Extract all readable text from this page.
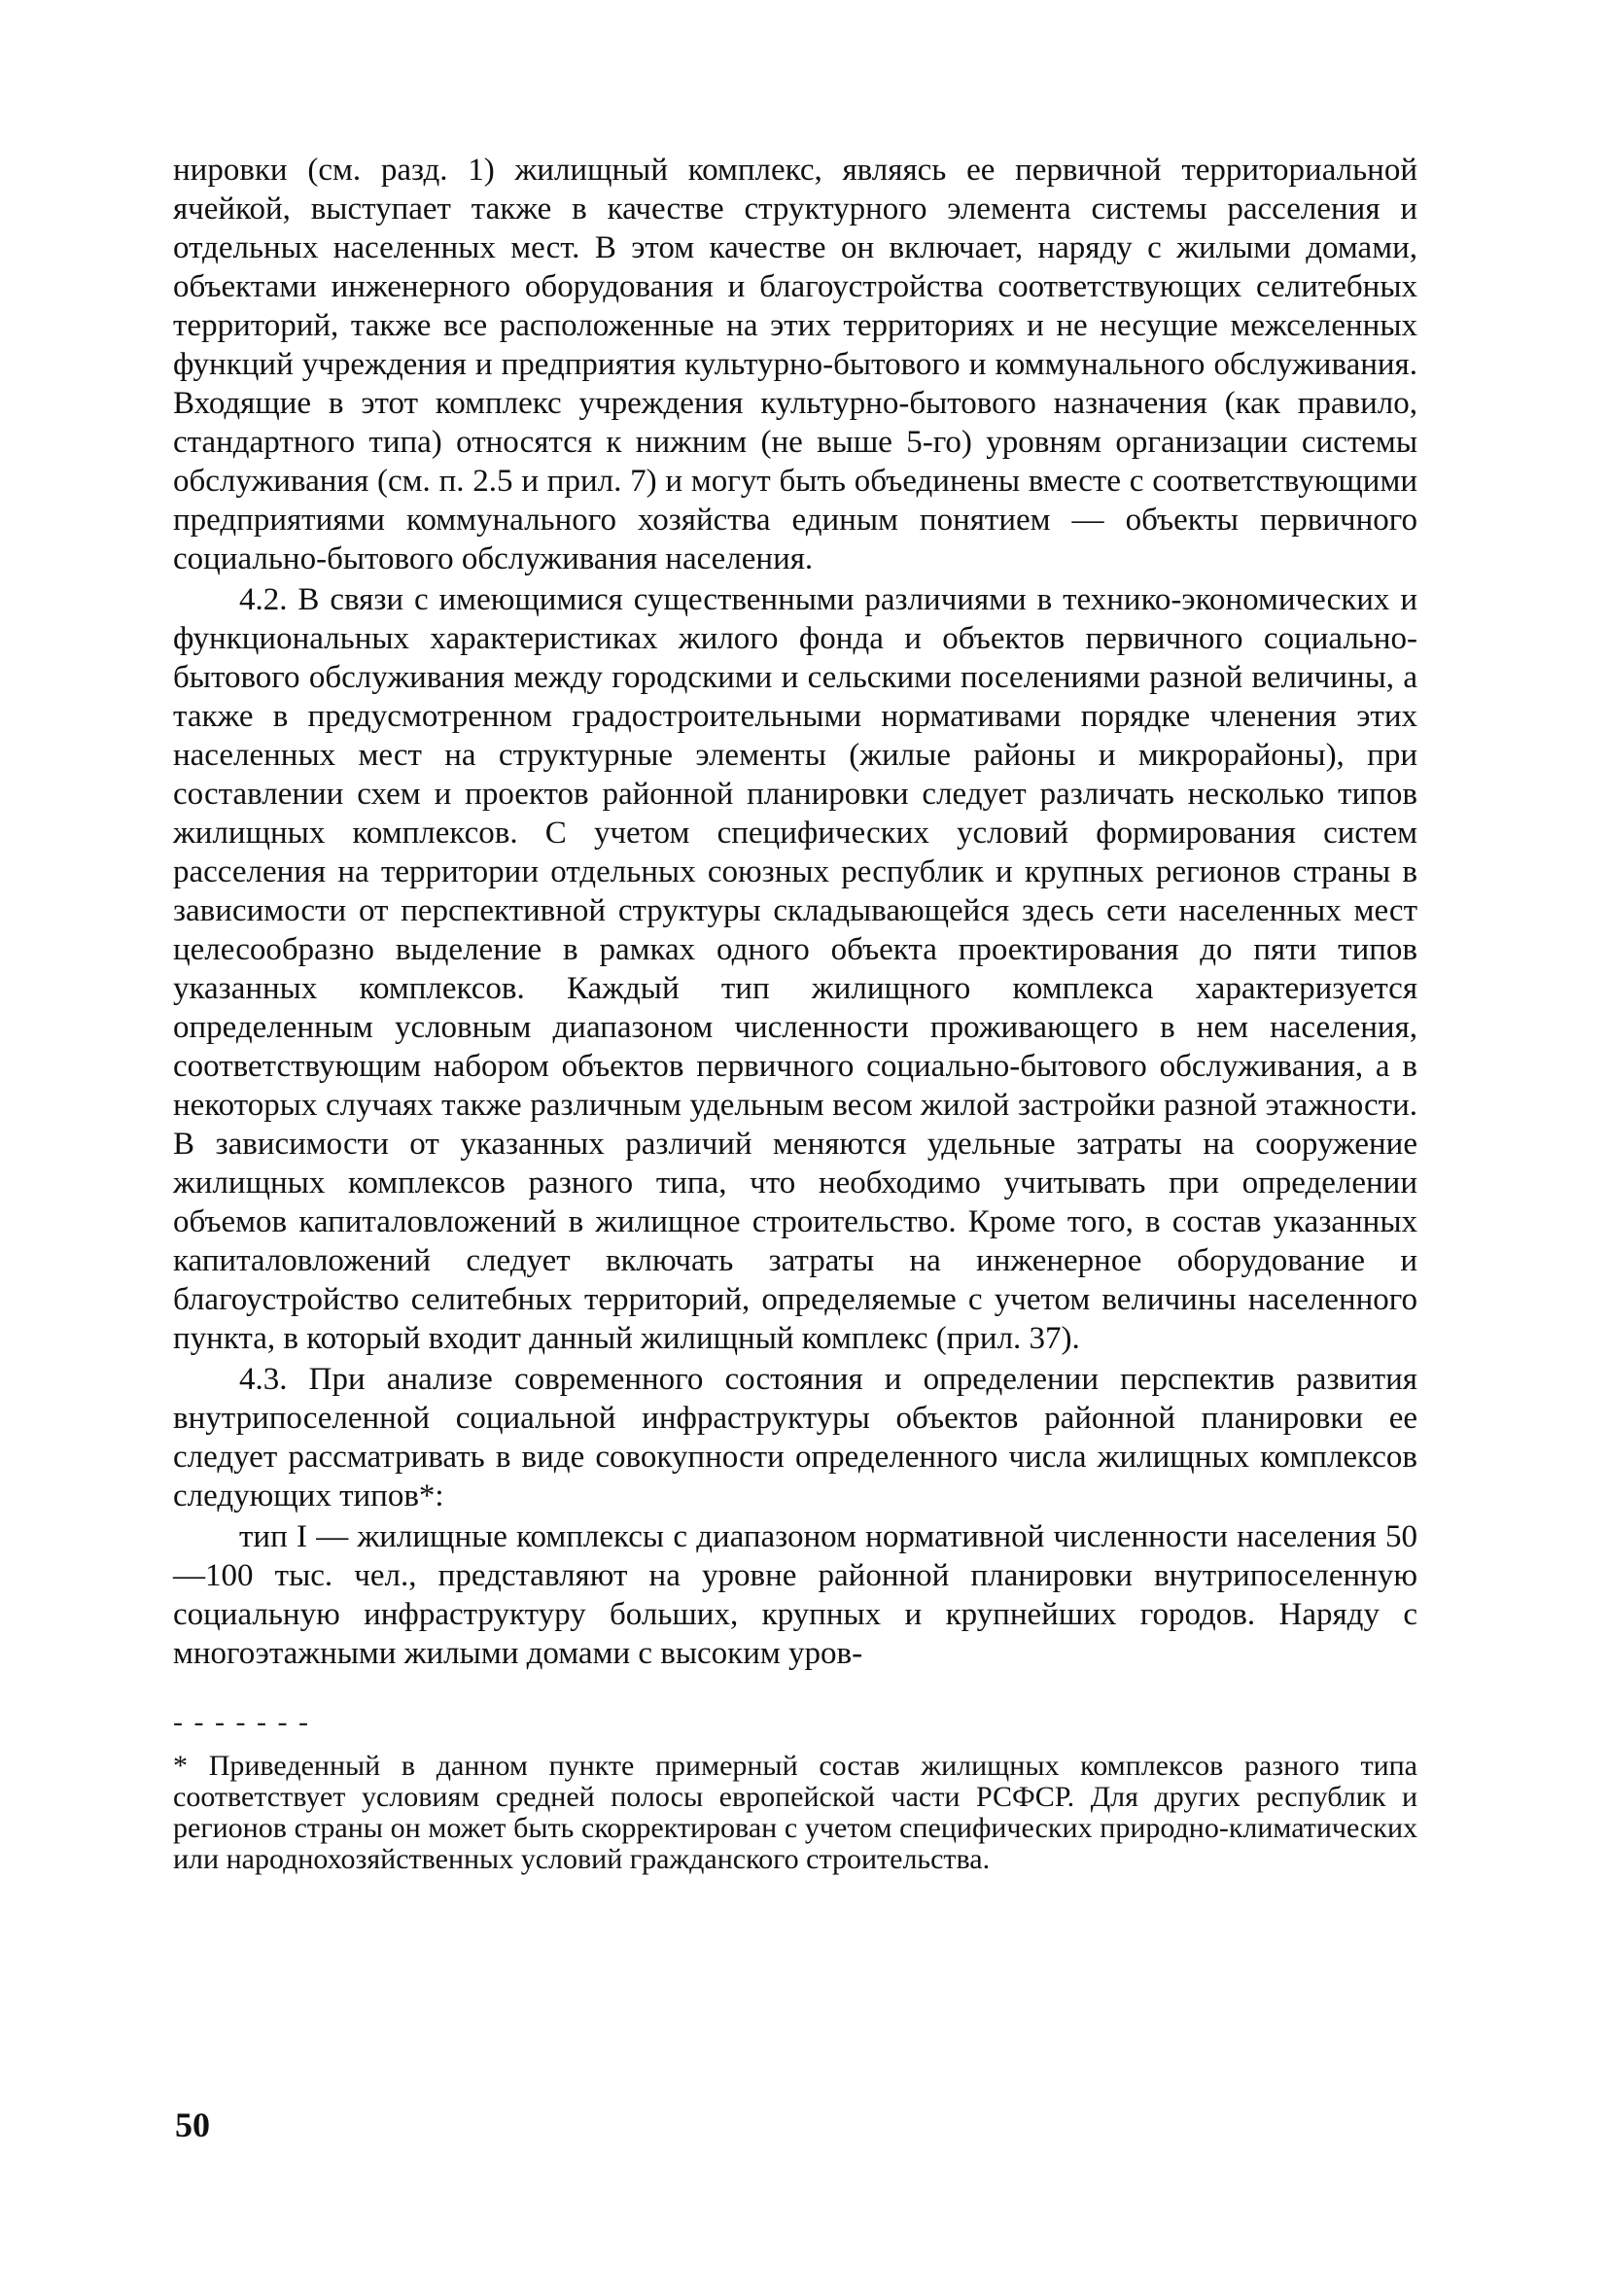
нировки (см. разд. 1) жилищный комплекс, являясь ее первичной территориальной ячейкой, выступает также в качестве структурного элемента системы расселения и отдельных населенных мест. В этом качестве он включает, наряду с жилыми домами, объектами инженерного оборудования и благоустройства соответствующих селитебных территорий, также все расположенные на этих территориях и не несущие межселенных функций учреждения и предприятия культурно-бытового и коммунального обслуживания. Входящие в этот комплекс учреждения культурно-бытового назначения (как правило, стандартного типа) относятся к нижним (не выше 5-го) уровням организации системы обслуживания (см. п. 2.5 и прил. 7) и могут быть объединены вместе с соответствующими предприятиями коммунального хозяйства единым понятием — объекты первичного социально-бытового обслуживания населения.

4.2. В связи с имеющимися существенными различиями в технико-экономических и функциональных характеристиках жилого фонда и объектов первичного социально-бытового обслуживания между городскими и сельскими поселениями разной величины, а также в предусмотренном градостроительными нормативами порядке членения этих населенных мест на структурные элементы (жилые районы и микрорайоны), при составлении схем и проектов районной планировки следует различать несколько типов жилищных комплексов. С учетом специфических условий формирования систем расселения на территории отдельных союзных республик и крупных регионов страны в зависимости от перспективной структуры складывающейся здесь сети населенных мест целесообразно выделение в рамках одного объекта проектирования до пяти типов указанных комплексов. Каждый тип жилищного комплекса характеризуется определенным условным диапазоном численности проживающего в нем населения, соответствующим набором объектов первичного социально-бытового обслуживания, а в некоторых случаях также различным удельным весом жилой застройки разной этажности. В зависимости от указанных различий меняются удельные затраты на сооружение жилищных комплексов разного типа, что необходимо учитывать при определении объемов капиталовложений в жилищное строительство. Кроме того, в состав указанных капиталовложений следует включать затраты на инженерное оборудование и благоустройство селитебных территорий, определяемые с учетом величины населенного пункта, в который входит данный жилищный комплекс (прил. 37).

4.3. При анализе современного состояния и определении перспектив развития внутрипоселенной социальной инфраструктуры объектов районной планировки ее следует рассматривать в виде совокупности определенного числа жилищных комплексов следующих типов*:

тип I — жилищные комплексы с диапазоном нормативной численности населения 50—100 тыс. чел., представляют на уровне районной планировки внутрипоселенную социальную инфраструктуру больших, крупных и крупнейших городов. Наряду с многоэтажными жилыми домами с высоким уров-

- - - - - - -

* Приведенный в данном пункте примерный состав жилищных комплексов разного типа соответствует условиям средней полосы европейской части РСФСР. Для других республик и регионов страны он может быть скорректирован с учетом специфических природно-климатических или народнохозяйственных условий гражданского строительства.

50
